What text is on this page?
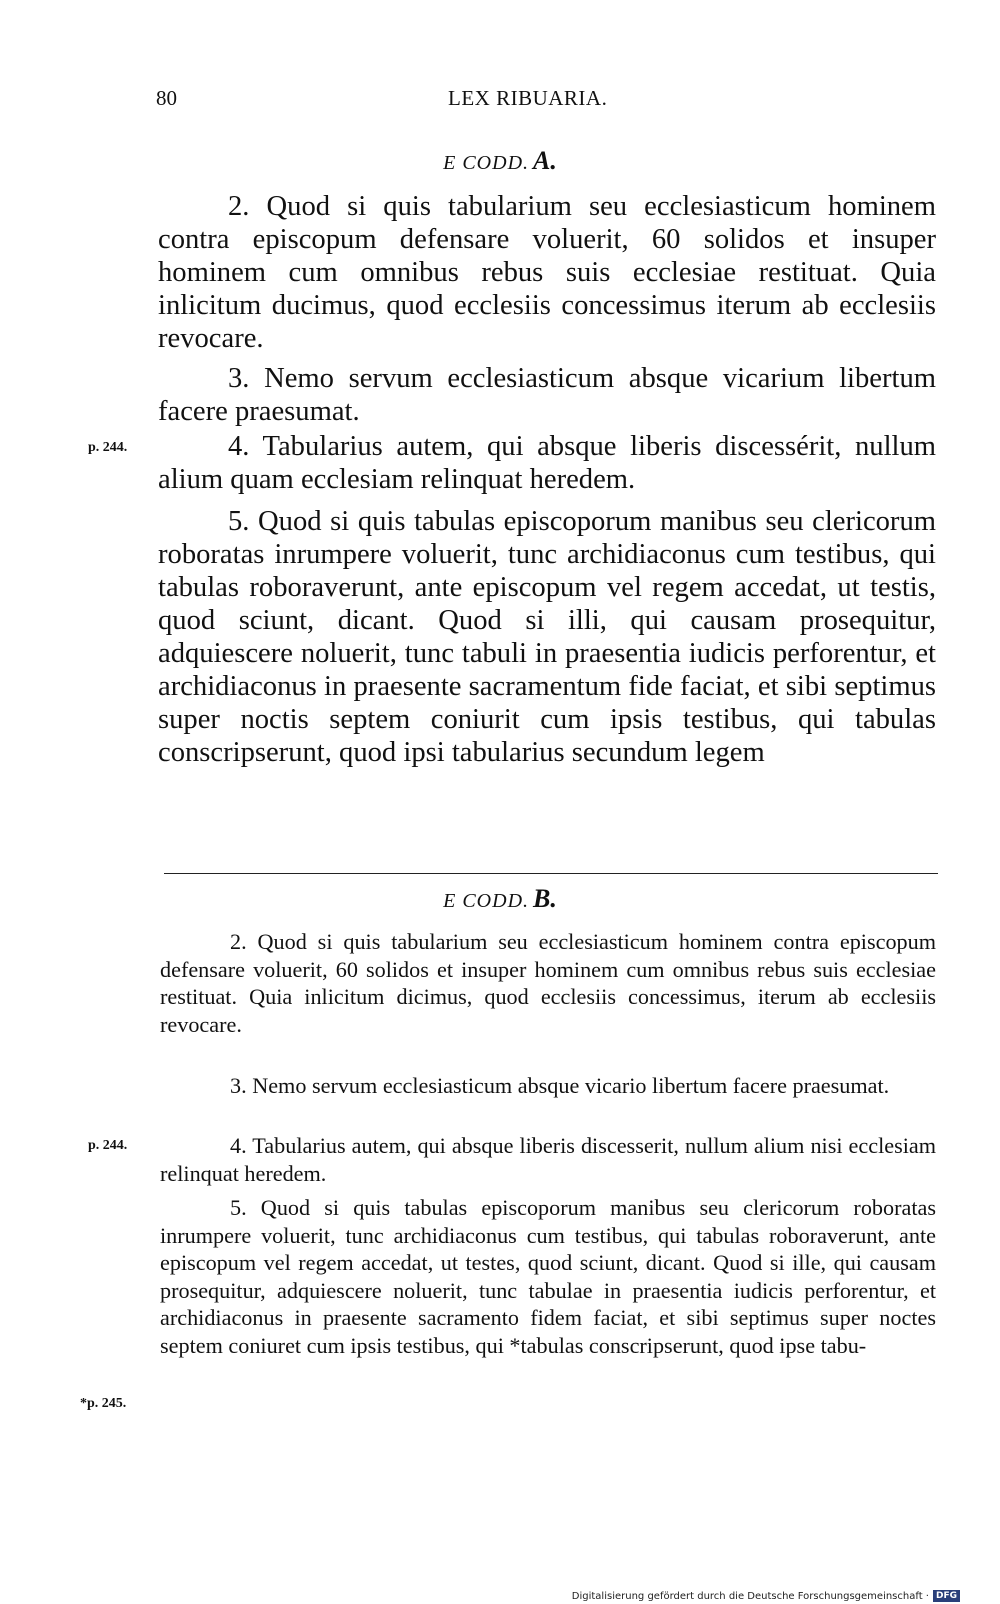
80	LEX RIBUARIA.
E CODD. A.

2. Quod si quis tabularium seu ecclesiasticum hominem contra episcopum defensare voluerit, 60 solidos et insuper hominem cum omnibus rebus suis ecclesiae restituat. Quia inlicitum ducimus, quod ecclesiis concessimus iterum ab ecclesiis revocare.

3. Nemo servum ecclesiasticum absque vicarium libertum facere praesumat.

p. 244.	4. Tabularius autem, qui absque liberis discessérit, nullum alium quam ecclesiam relinquat heredem.

5. Quod si quis tabulas episcoporum manibus seu clericorum roboratas inrumpere voluerit, tunc archidiaconus cum testibus, qui tabulas roboraverunt, ante episcopum vel regem accedat, ut testis, quod sciunt, dicant. Quod si illi, qui causam prosequitur, adquiescere noluerit, tunc tabuli in praesentia iudicis perforentur, et archidiaconus in praesente sacramentum fide faciat, et sibi septimus super noctis septem coniurit cum ipsis testibus, qui tabulas conscripserunt, quod ipsi tabularius secundum legem

E CODD. B.

2. Quod si quis tabularium seu ecclesiasticum hominem contra episcopum defensare voluerit, 60 solidos et insuper hominem cum omnibus rebus suis ecclesiae restituat. Quia inlicitum dicimus, quod ecclesiis concessimus, iterum ab ecclesiis revocare.

3. Nemo servum ecclesiasticum absque vicario libertum facere praesumat.

p. 244.	4. Tabularius autem, qui absque liberis discesserit, nullum alium nisi ecclesiam relinquat heredem.

5. Quod si quis tabulas episcoporum manibus seu clericorum roboratas inrumpere voluerit, tunc archidiaconus cum testibus, qui tabulas roboraverunt, ante episcopum vel regem accedat, ut testes, quod sciunt, dicant. Quod si ille, qui causam prosequitur, adquiescere noluerit, tunc tabulae in praesentia iudicis perforentur, et archidiaconus in praesente sacramento fidem faciat, et sibi septimus super noctes septem coniuret cum ipsis testibus, qui *tabulas conscripserunt, quod ipse tabu-

*p. 245.
Digitalisierung gefördert durch die Deutsche Forschungsgemeinschaft · DFG
